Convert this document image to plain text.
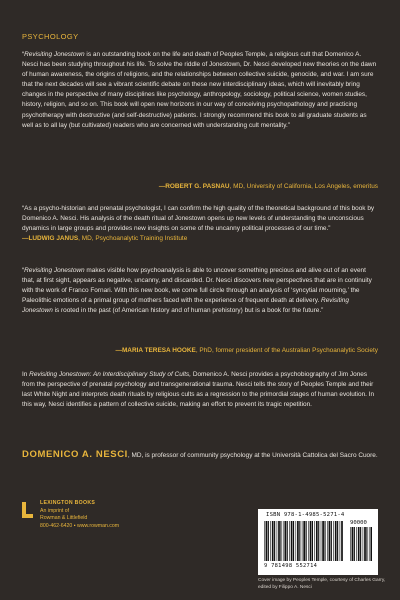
PSYCHOLOGY

“Revisiting Jonestown is an outstanding book on the life and death of Peoples Temple, a religious cult that Domenico A. Nesci has been studying throughout his life. To solve the riddle of Jonestown, Dr. Nesci developed new theories on the dawn of human awareness, the origins of religions, and the relationships between collective suicide, genocide, and war. I am sure that the next decades will see a vibrant scientific debate on these new interdisciplinary ideas, which will inevitably bring changes in the perspective of many disciplines like psychology, anthropology, sociology, political science, women studies, history, religion, and so on. This book will open new horizons in our way of conceiving psychopathology and practicing psychotherapy with destructive (and self-destructive) patients. I strongly recommend this book to all graduate students as well as to all lay (but cultivated) readers who are concerned with understanding cult mentality.”

—ROBERT G. PASNAU, MD, University of California, Los Angeles, emeritus

“As a psycho-historian and prenatal psychologist, I can confirm the high quality of the theoretical background of this book by Domenico A. Nesci. His analysis of the death ritual of Jonestown opens up new levels of understanding the unconscious dynamics in large groups and provides new insights on some of the uncanny political processes of our time.” —LUDWIG JANUS, MD, Psychoanalytic Training Institute

“Revisiting Jonestown makes visible how psychoanalysis is able to uncover something precious and alive out of an event that, at first sight, appears as negative, uncanny, and discarded. Dr. Nesci discovers new perspectives that are in continuity with the work of Franco Fornari. With this new book, we come full circle through an analysis of ‘syncytial mourning,’ the Paleolithic emotions of a primal group of mothers faced with the experience of frequent death at delivery. Revisiting Jonestown is rooted in the past (of American history and of human prehistory) but is a book for the future.”

—MARIA TERESA HOOKE, PhD, former president of the Australian Psychoanalytic Society

In Revisiting Jonestown: An Interdisciplinary Study of Cults, Domenico A. Nesci provides a psychobiography of Jim Jones from the perspective of prenatal psychology and transgenerational trauma. Nesci tells the story of Peoples Temple and their last White Night and interprets death rituals by religious cults as a regression to the primordial stages of human evolution. In this way, Nesci identifies a pattern of collective suicide, making an effort to prevent its tragic repetition.

DOMENICO A. NESCI, MD, is professor of community psychology at the Università Cattolica del Sacro Cuore.
LEXINGTON BOOKS
An imprint of
Rowman & Littlefield
800-462-6420 ▪ www.rowman.com
ISBN 978-1-4985-5271-4
90000
9 781498 552714
Cover image by Peoples Temple, courtesy of Charles Garry, edited by Filippo A. Nesci
